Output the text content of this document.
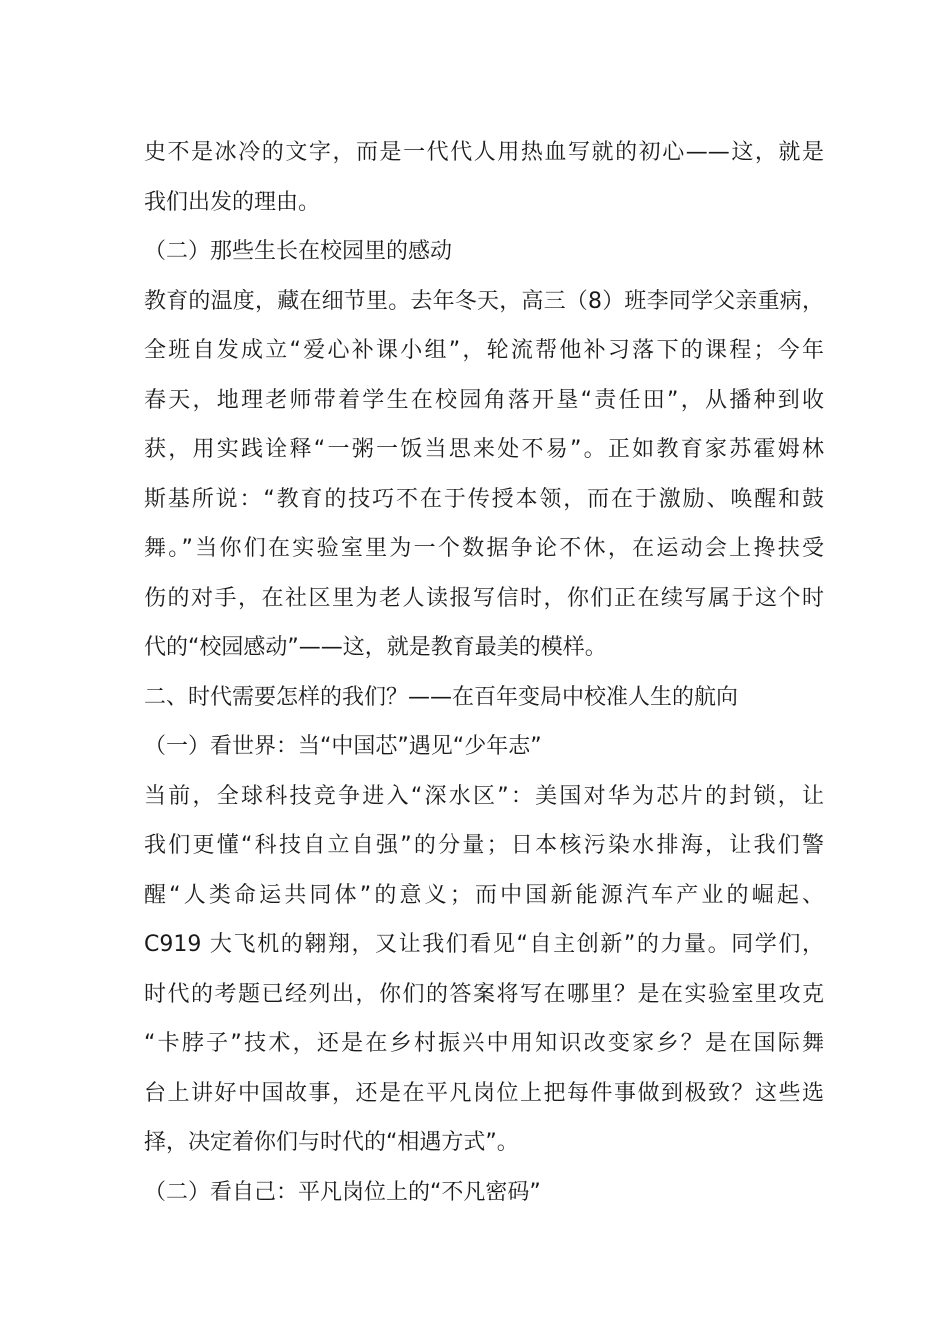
史不是冰冷的文字，而是一代代人用热血写就的初心——这，就是
我们出发的理由。
（二）那些生长在校园里的感动
教育的温度，藏在细节里。去年冬天，高三（8）班李同学父亲重病，
全班自发成立“爱心补课小组”，轮流帮他补习落下的课程；今年
春天，地理老师带着学生在校园角落开垦“责任田”，从播种到收
获，用实践诠释“一粥一饭当思来处不易”。正如教育家苏霍姆林
斯基所说：“教育的技巧不在于传授本领，而在于激励、唤醒和鼓
舞。”当你们在实验室里为一个数据争论不休，在运动会上搀扶受
伤的对手，在社区里为老人读报写信时，你们正在续写属于这个时
代的“校园感动”——这，就是教育最美的模样。
二、时代需要怎样的我们？——在百年变局中校准人生的航向
（一）看世界：当“中国芯”遇见“少年志”
当前，全球科技竞争进入“深水区”：美国对华为芯片的封锁，让
我们更懂“科技自立自强”的分量；日本核污染水排海，让我们警
醒“人类命运共同体”的意义；而中国新能源汽车产业的崛起、
C919 大飞机的翱翔，又让我们看见“自主创新”的力量。同学们，
时代的考题已经列出，你们的答案将写在哪里？是在实验室里攻克
“卡脖子”技术，还是在乡村振兴中用知识改变家乡？是在国际舞
台上讲好中国故事，还是在平凡岗位上把每件事做到极致？这些选
择，决定着你们与时代的“相遇方式”。
（二）看自己：平凡岗位上的“不凡密码”
